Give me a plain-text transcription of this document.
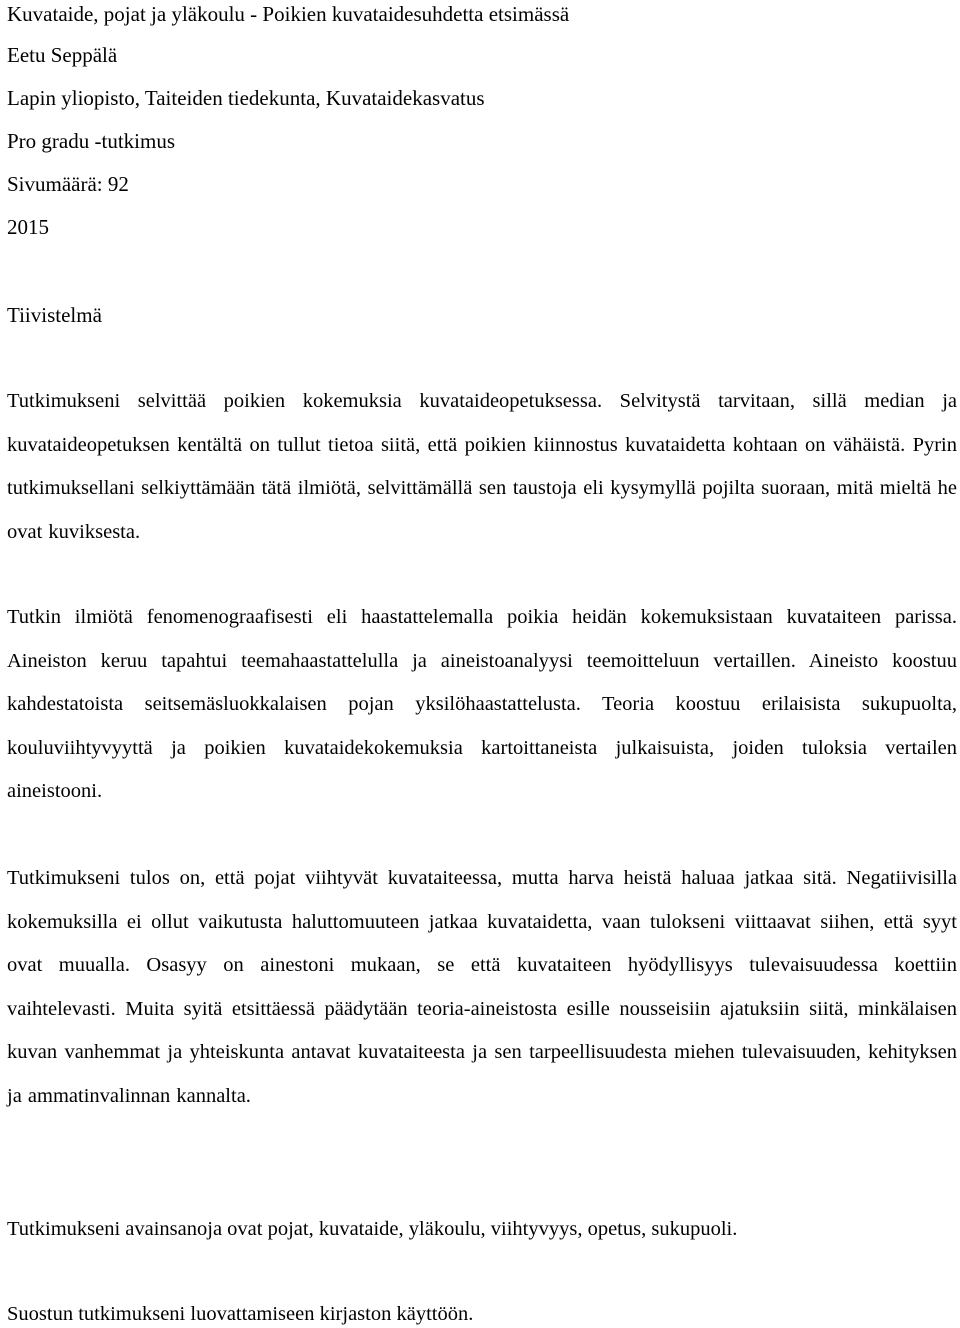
Kuvataide, pojat ja yläkoulu - Poikien kuvataidesuhdetta etsimässä
Eetu Seppälä
Lapin yliopisto, Taiteiden tiedekunta, Kuvataidekasvatus
Pro gradu -tutkimus
Sivumäärä: 92
2015
Tiivistelmä
Tutkimukseni selvittää poikien kokemuksia kuvataideopetuksessa. Selvitystä tarvitaan, sillä median ja kuvataideopetuksen kentältä on tullut tietoa siitä, että poikien kiinnostus kuvataidetta kohtaan on vähäistä. Pyrin tutkimuksellani selkiyttämään tätä ilmiötä, selvittämällä sen taustoja eli kysymyllä pojilta suoraan, mitä mieltä he ovat kuviksesta.
Tutkin ilmiötä fenomenograafisesti eli haastattelemalla poikia heidän kokemuksistaan kuvataiteen parissa. Aineiston keruu tapahtui teemahaastattelulla ja aineistoanalyysi teemoitteluun vertaillen. Aineisto koostuu kahdestatoista seitsemäsluokkalaisen pojan yksilöhaastattelusta. Teoria koostuu erilaisista sukupuolta, kouluviihtyvyyttä ja poikien kuvataidekokemuksia kartoittaneista julkaisuista, joiden tuloksia vertailen aineistooni.
Tutkimukseni tulos on, että pojat viihtyvät kuvataiteessa, mutta harva heistä haluaa jatkaa sitä. Negatiivisilla kokemuksilla ei ollut vaikutusta haluttomuuteen jatkaa kuvataidetta, vaan tulokseni viittaavat siihen, että syyt ovat muualla. Osasyy on ainestoni mukaan, se että kuvataiteen hyödyllisyys tulevaisuudessa koettiin vaihtelevasti. Muita syitä etsittäessä päädytään teoria-aineistosta esille nousseisiin ajatuksiin siitä, minkälaisen kuvan vanhemmat ja yhteiskunta antavat kuvataiteesta ja sen tarpeellisuudesta miehen tulevaisuuden, kehityksen ja ammatinvalinnan kannalta.
Tutkimukseni avainsanoja ovat pojat, kuvataide, yläkoulu, viihtyvyys, opetus, sukupuoli.
Suostun tutkimukseni luovattamiseen kirjaston käyttöön.
